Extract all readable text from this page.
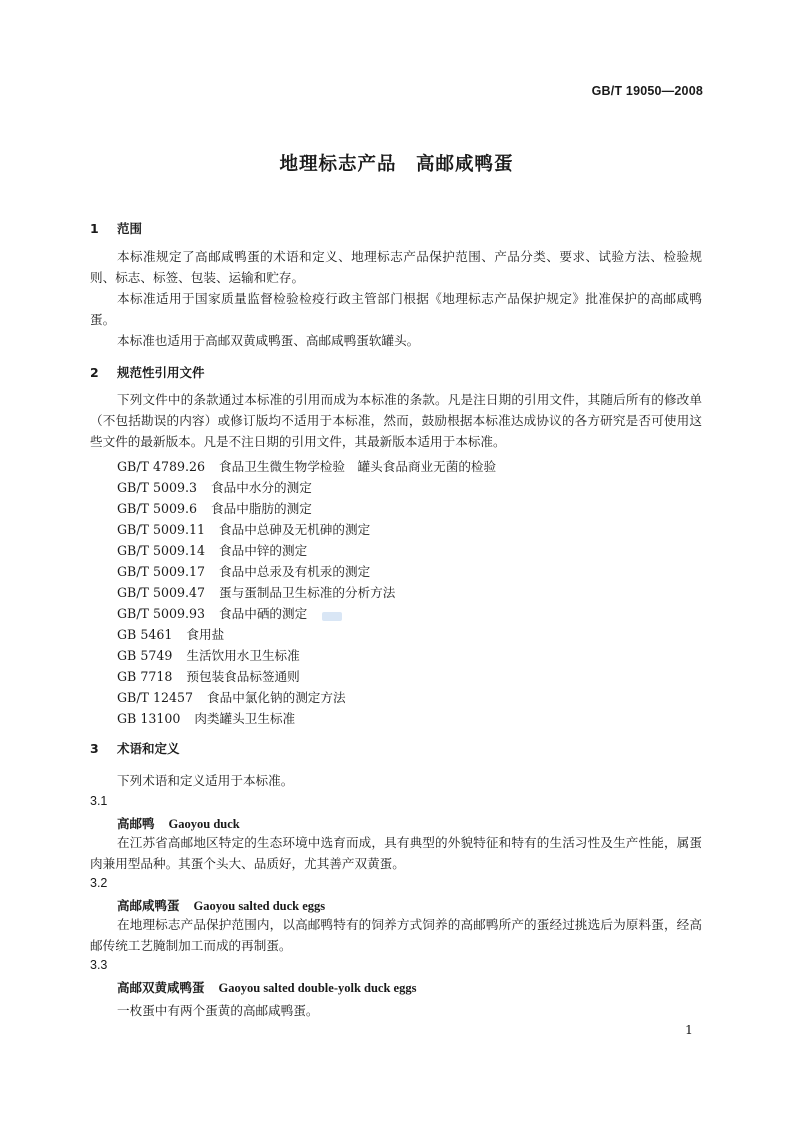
GB/T 19050—2008
地理标志产品　高邮咸鸭蛋
1 范围
本标准规定了高邮咸鸭蛋的术语和定义、地理标志产品保护范围、产品分类、要求、试验方法、检验规则、标志、标签、包装、运输和贮存。
本标准适用于国家质量监督检验检疫行政主管部门根据《地理标志产品保护规定》批准保护的高邮咸鸭蛋。
本标准也适用于高邮双黄咸鸭蛋、高邮咸鸭蛋软罐头。
2 规范性引用文件
下列文件中的条款通过本标准的引用而成为本标准的条款。凡是注日期的引用文件，其随后所有的修改单（不包括勘误的内容）或修订版均不适用于本标准，然而，鼓励根据本标准达成协议的各方研究是否可使用这些文件的最新版本。凡是不注日期的引用文件，其最新版本适用于本标准。
GB/T 4789.26 食品卫生微生物学检验　罐头食品商业无菌的检验
GB/T 5009.3 食品中水分的测定
GB/T 5009.6 食品中脂肪的测定
GB/T 5009.11 食品中总砷及无机砷的测定
GB/T 5009.14 食品中锌的测定
GB/T 5009.17 食品中总汞及有机汞的测定
GB/T 5009.47 蛋与蛋制品卫生标准的分析方法
GB/T 5009.93 食品中硒的测定
GB 5461 食用盐
GB 5749 生活饮用水卫生标准
GB 7718 预包装食品标签通则
GB/T 12457 食品中氯化钠的测定方法
GB 13100 肉类罐头卫生标准
3 术语和定义
下列术语和定义适用于本标准。
3.1
高邮鸭 Gaoyou duck
在江苏省高邮地区特定的生态环境中选育而成，具有典型的外貌特征和特有的生活习性及生产性能，属蛋肉兼用型品种。其蛋个头大、品质好，尤其善产双黄蛋。
3.2
高邮咸鸭蛋 Gaoyou salted duck eggs
在地理标志产品保护范围内，以高邮鸭特有的饲养方式饲养的高邮鸭所产的蛋经过挑选后为原料蛋，经高邮传统工艺腌制加工而成的再制蛋。
3.3
高邮双黄咸鸭蛋 Gaoyou salted double-yolk duck eggs
一枚蛋中有两个蛋黄的高邮咸鸭蛋。
1
